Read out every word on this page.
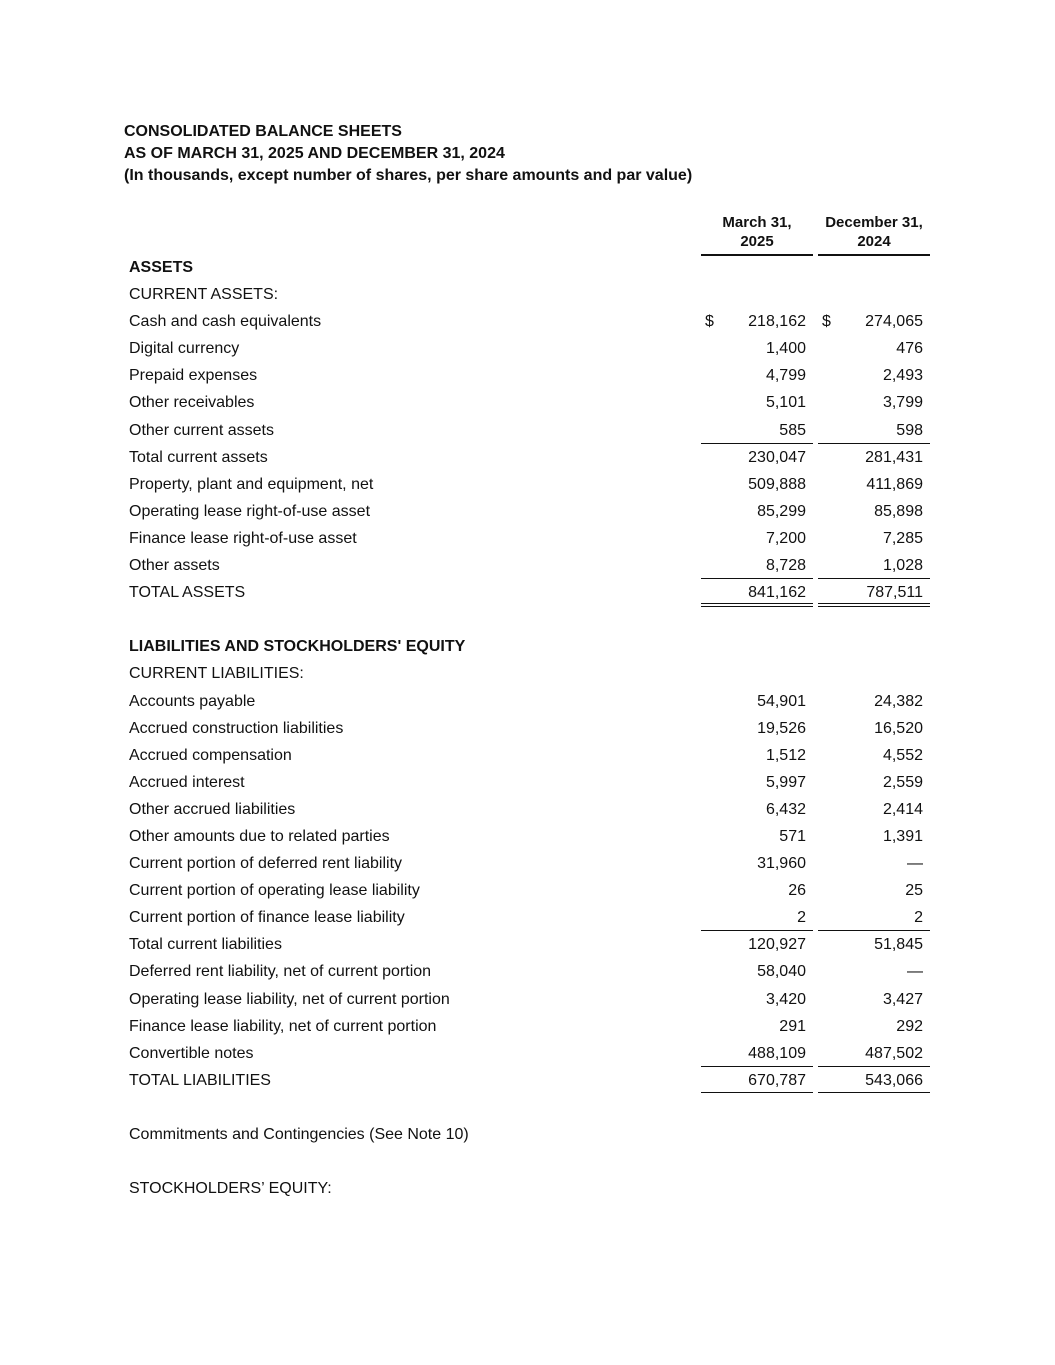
CONSOLIDATED BALANCE SHEETS
AS OF MARCH 31, 2025 AND DECEMBER 31, 2024
(In thousands, except number of shares, per share amounts and par value)
March 31,
2025
December 31,
2024
ASSETS
CURRENT ASSETS:
Cash and cash equivalents	$ 218,162 $ 274,065
Digital currency	1,400	476
Prepaid expenses	4,799	2,493
Other receivables	5,101	3,799
Other current assets	585	598
Total current assets	230,047	281,431
Property, plant and equipment, net	509,888	411,869
Operating lease right-of-use asset	85,299	85,898
Finance lease right-of-use asset	7,200	7,285
Other assets	8,728	1,028
TOTAL ASSETS	841,162	787,511
LIABILITIES AND STOCKHOLDERS' EQUITY
CURRENT LIABILITIES:
Accounts payable	54,901	24,382
Accrued construction liabilities	19,526	16,520
Accrued compensation	1,512	4,552
Accrued interest	5,997	2,559
Other accrued liabilities	6,432	2,414
Other amounts due to related parties	571	1,391
Current portion of deferred rent liability	31,960	—
Current portion of operating lease liability	26	25
Current portion of finance lease liability	2	2
Total current liabilities	120,927	51,845
Deferred rent liability, net of current portion	58,040	—
Operating lease liability, net of current portion	3,420	3,427
Finance lease liability, net of current portion	291	292
Convertible notes	488,109	487,502
TOTAL LIABILITIES	670,787	543,066
Commitments and Contingencies (See Note 10)
STOCKHOLDERS’ EQUITY:
